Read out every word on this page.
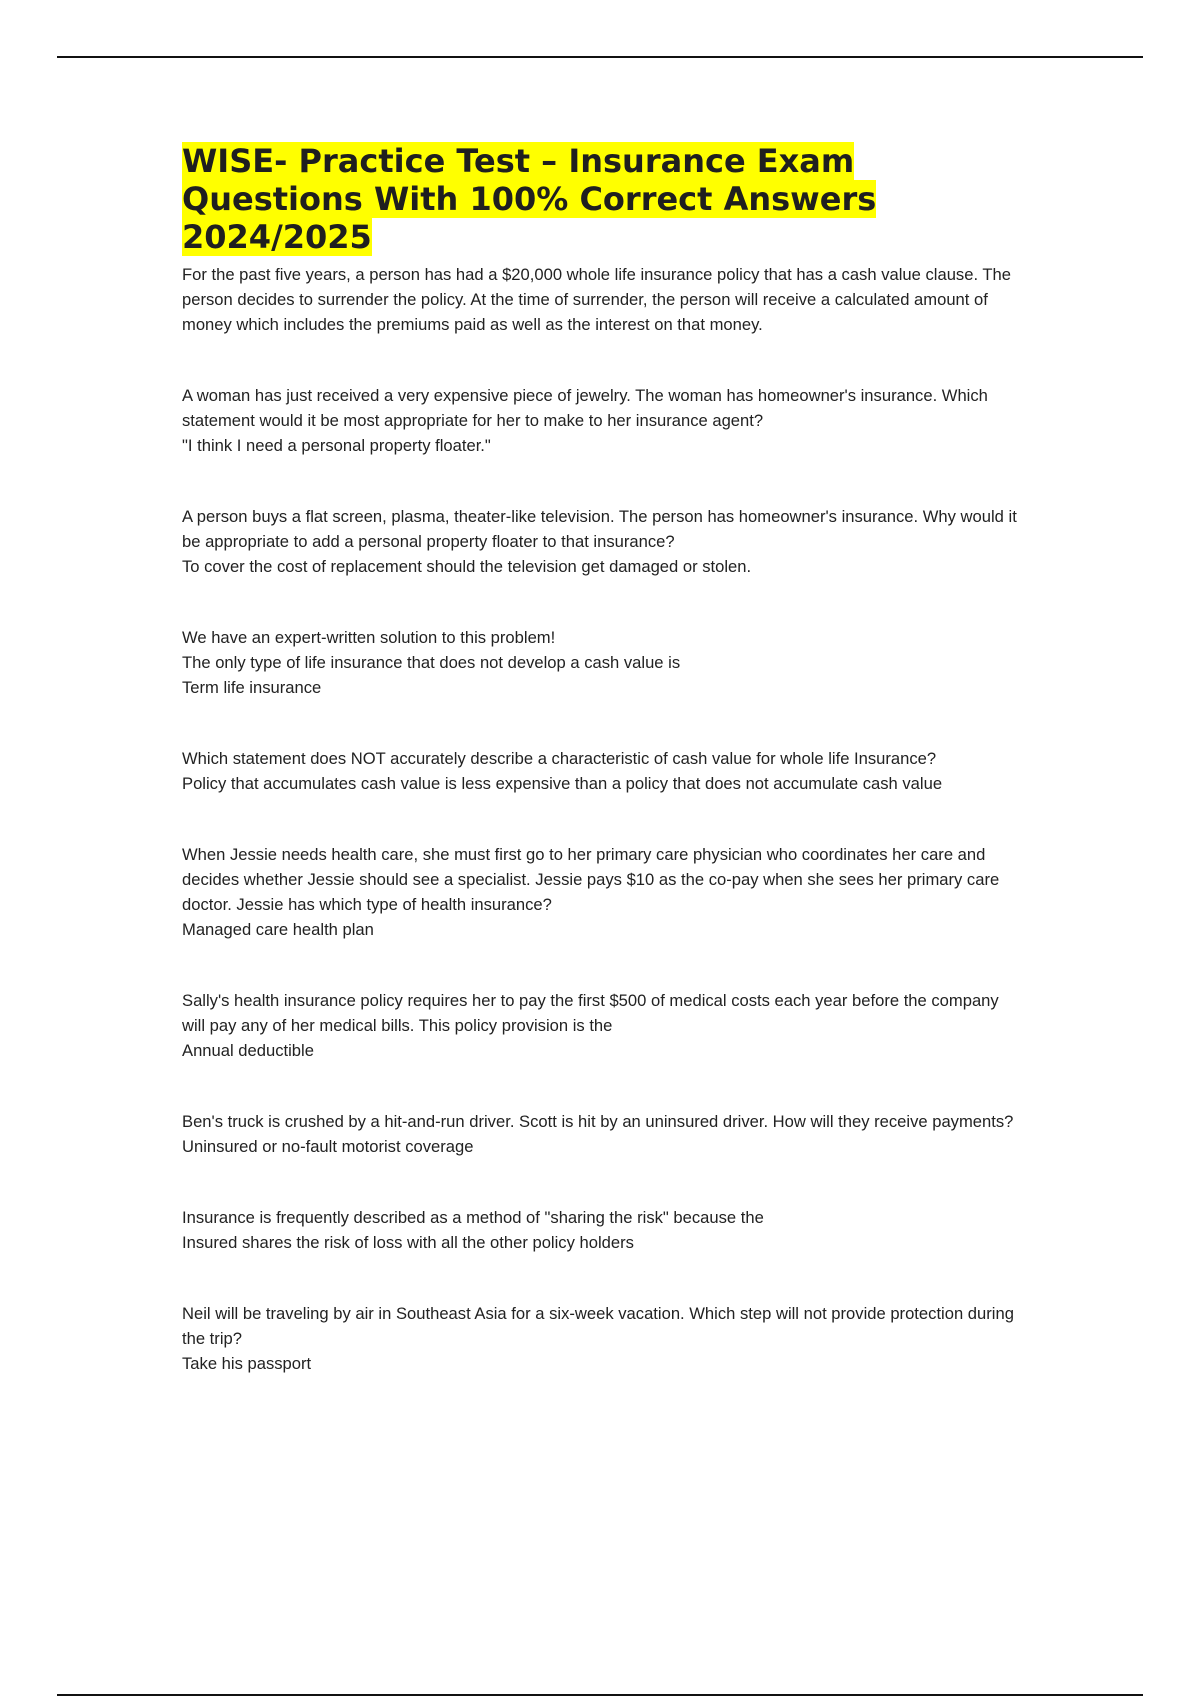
WISE- Practice Test – Insurance Exam Questions With 100% Correct Answers 2024/2025

For the past five years, a person has had a $20,000 whole life insurance policy that has a cash value clause. The person decides to surrender the policy. At the time of surrender, the person will receive a calculated amount of money which includes the premiums paid as well as the interest on that money.

A woman has just received a very expensive piece of jewelry. The woman has homeowner's insurance. Which statement would it be most appropriate for her to make to her insurance agent?

"I think I need a personal property floater."

A person buys a flat screen, plasma, theater-like television. The person has homeowner's insurance. Why would it be appropriate to add a personal property floater to that insurance?

To cover the cost of replacement should the television get damaged or stolen.

We have an expert-written solution to this problem!

The only type of life insurance that does not develop a cash value is

Term life insurance

Which statement does NOT accurately describe a characteristic of cash value for whole life Insurance?

Policy that accumulates cash value is less expensive than a policy that does not accumulate cash value

When Jessie needs health care, she must first go to her primary care physician who coordinates her care and decides whether Jessie should see a specialist. Jessie pays $10 as the co-pay when she sees her primary care doctor. Jessie has which type of health insurance?

Managed care health plan

Sally's health insurance policy requires her to pay the first $500 of medical costs each year before the company will pay any of her medical bills. This policy provision is the

Annual deductible

Ben's truck is crushed by a hit-and-run driver. Scott is hit by an uninsured driver. How will they receive payments?

Uninsured or no-fault motorist coverage

Insurance is frequently described as a method of "sharing the risk" because the

Insured shares the risk of loss with all the other policy holders

Neil will be traveling by air in Southeast Asia for a six-week vacation. Which step will not provide protection during the trip?

Take his passport
